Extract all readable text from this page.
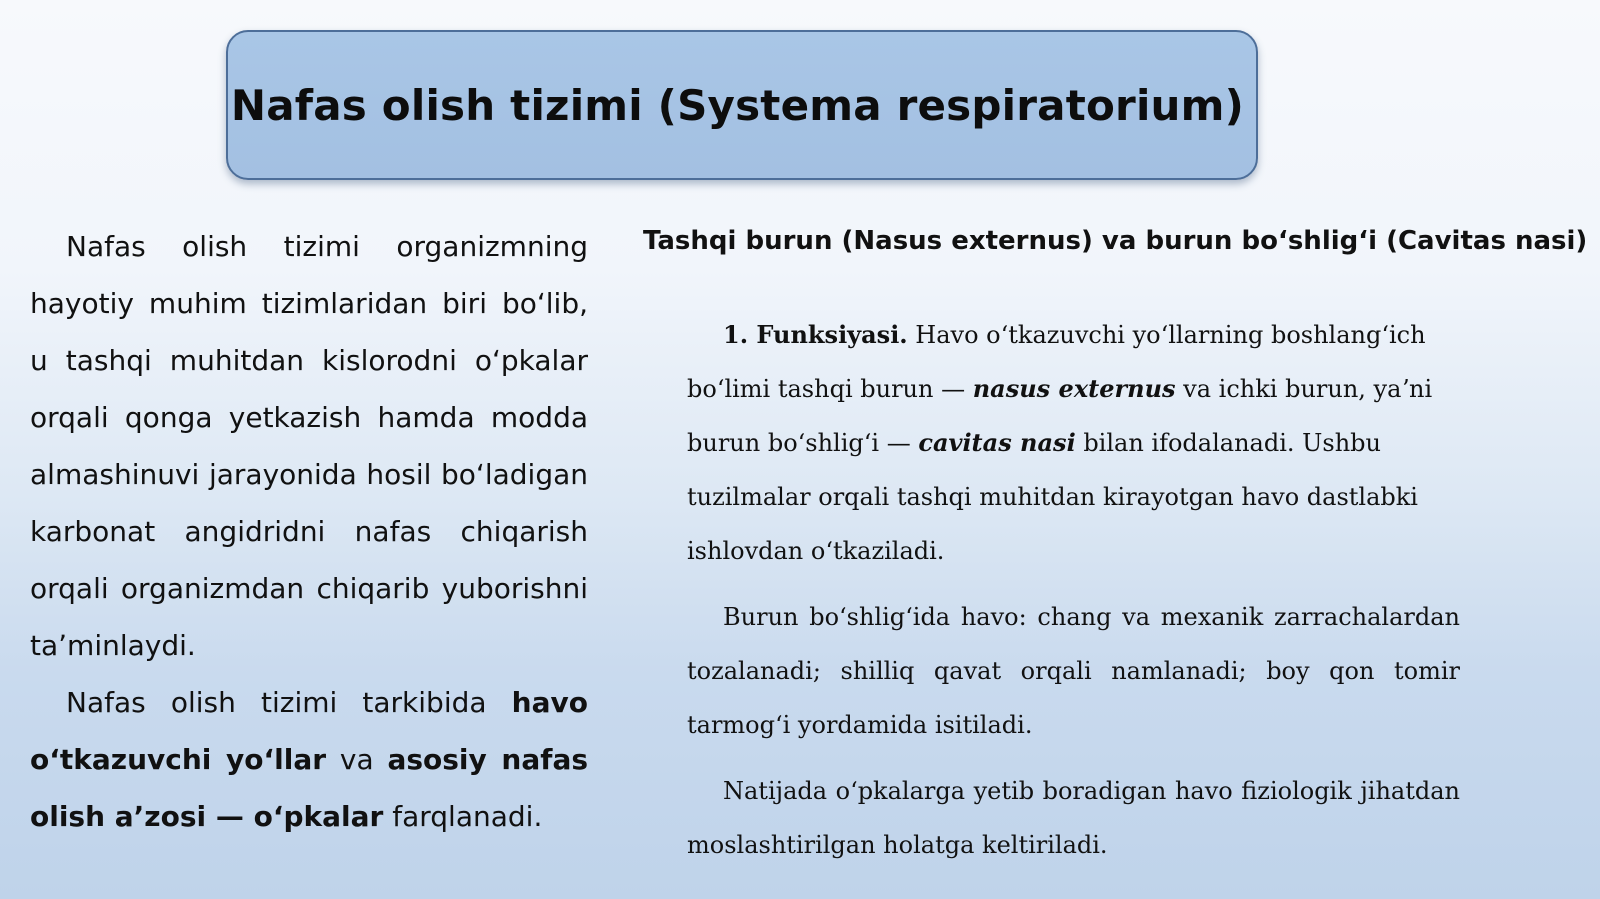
Nafas olish tizimi (Systema respiratorium)

Nafas olish tizimi organizmning hayotiy muhim tizimlaridan biri boʻlib, u tashqi muhitdan kislorodni oʻpkalar orqali qonga yetkazish hamda modda almashinuvi jarayonida hosil boʻladigan karbonat angidridni nafas chiqarish orqali organizmdan chiqarib yuborishni taʼminlaydi.

Nafas olish tizimi tarkibida havo oʻtkazuvchi yoʻllar va asosiy nafas olish aʼzosi — oʻpkalar farqlanadi.

Tashqi burun (Nasus externus) va burun boʻshligʻi (Cavitas nasi)

1. Funksiyasi. Havo oʻtkazuvchi yoʻllarning boshlangʻich boʻlimi tashqi burun — nasus externus va ichki burun, yaʼni burun boʻshligʻi — cavitas nasi bilan ifodalanadi. Ushbu tuzilmalar orqali tashqi muhitdan kirayotgan havo dastlabki ishlovdan oʻtkaziladi.

Burun boʻshligʻida havo: chang va mexanik zarrachalardan tozalanadi; shilliq qavat orqali namlanadi; boy qon tomir tarmogʻi yordamida isitiladi.

Natijada oʻpkalarga yetib boradigan havo fiziologik jihatdan moslashtirilgan holatga keltiriladi.
